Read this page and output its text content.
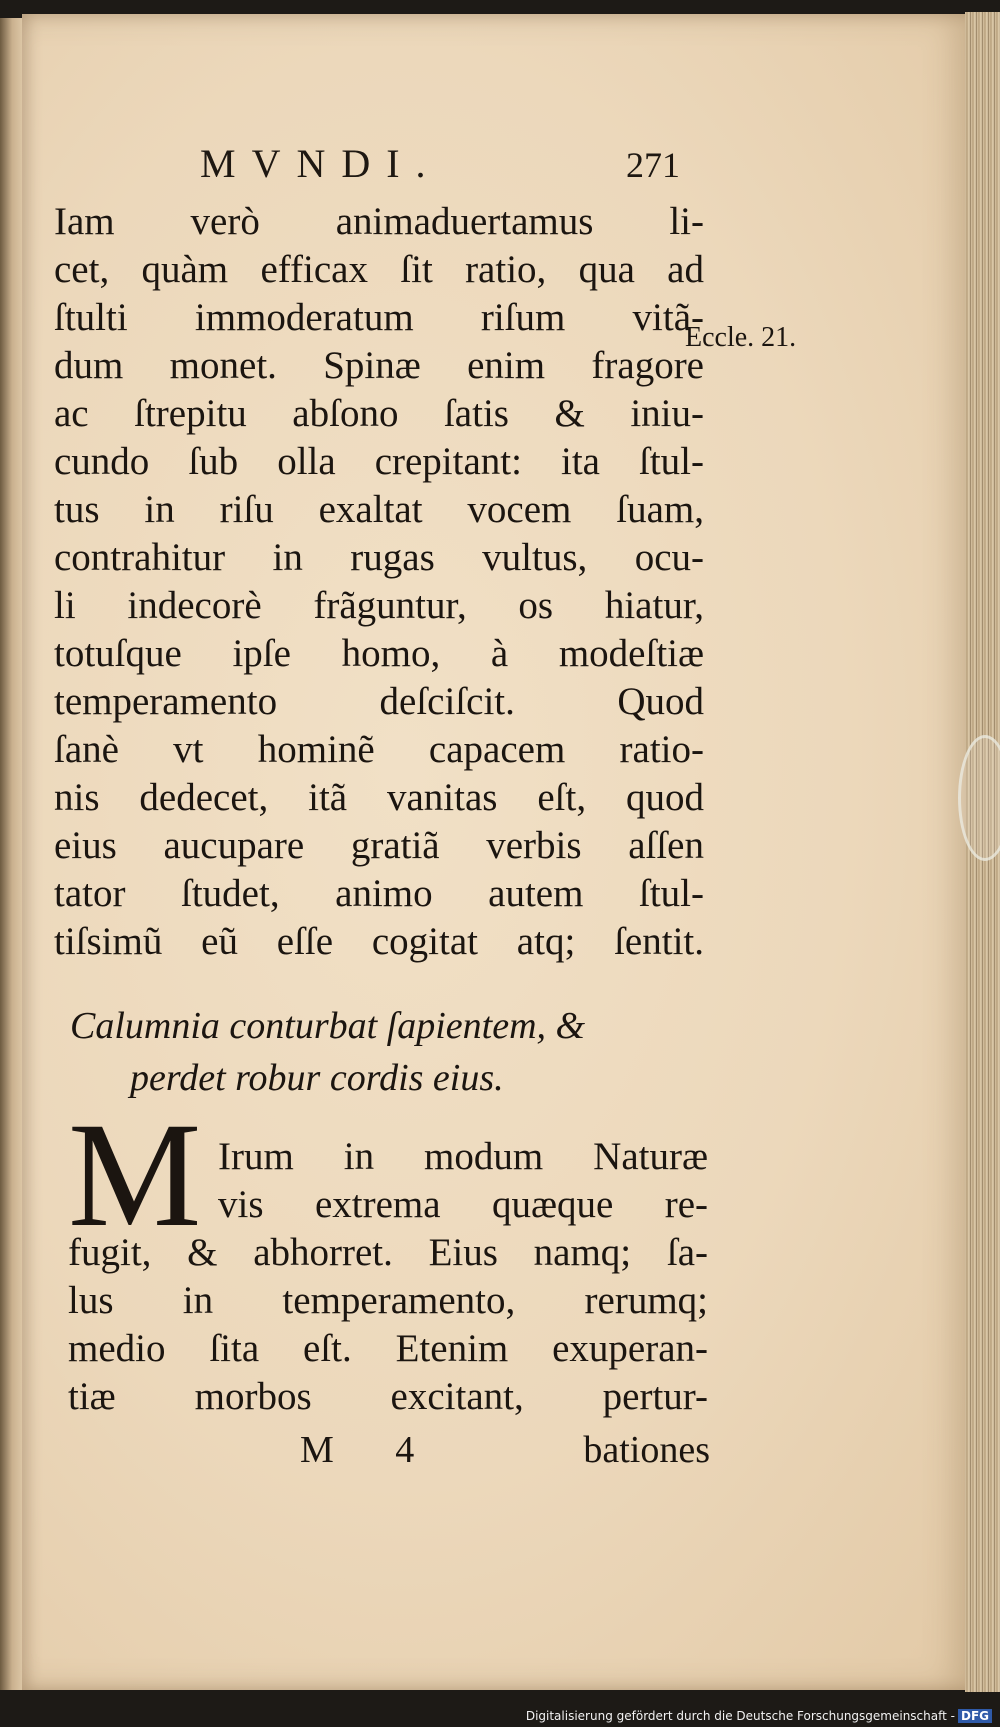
MVNDI.	271
Eccle. 21.
Iam verò animaduertamus li-
cet, quàm efficax ſit ratio, qua ad
ſtulti immoderatum riſum vitã-
dum monet. Spinæ enim fragore
ac ſtrepitu abſono ſatis & iniu-
cundo ſub olla crepitant: ita ſtul-
tus in riſu exaltat vocem ſuam,
contrahitur in rugas vultus, ocu-
li indecorè frãguntur, os hiatur,
totuſque ipſe homo, à modeſtiæ
temperamento deſciſcit. Quod
ſanè vt hominẽ capacem ratio-
nis dedecet, itã vanitas eſt, quod
eius aucupare gratiã verbis aſſen
tator ſtudet, animo autem ſtul-
tiſsimũ eũ eſſe cogitat atq; ſentit.
Calumnia conturbat ſapientem, &
perdet robur cordis eius.
M Irum in modum Naturæ
vis extrema quæque re-
fugit, & abhorret. Eius namq; ſa-
lus in temperamento, rerumq;
medio ſita eſt. Etenim exuperan-
tiæ morbos excitant, pertur-
M 4	bationes
Digitalisierung gefördert durch die Deutsche Forschungsgemeinschaft - DFG
